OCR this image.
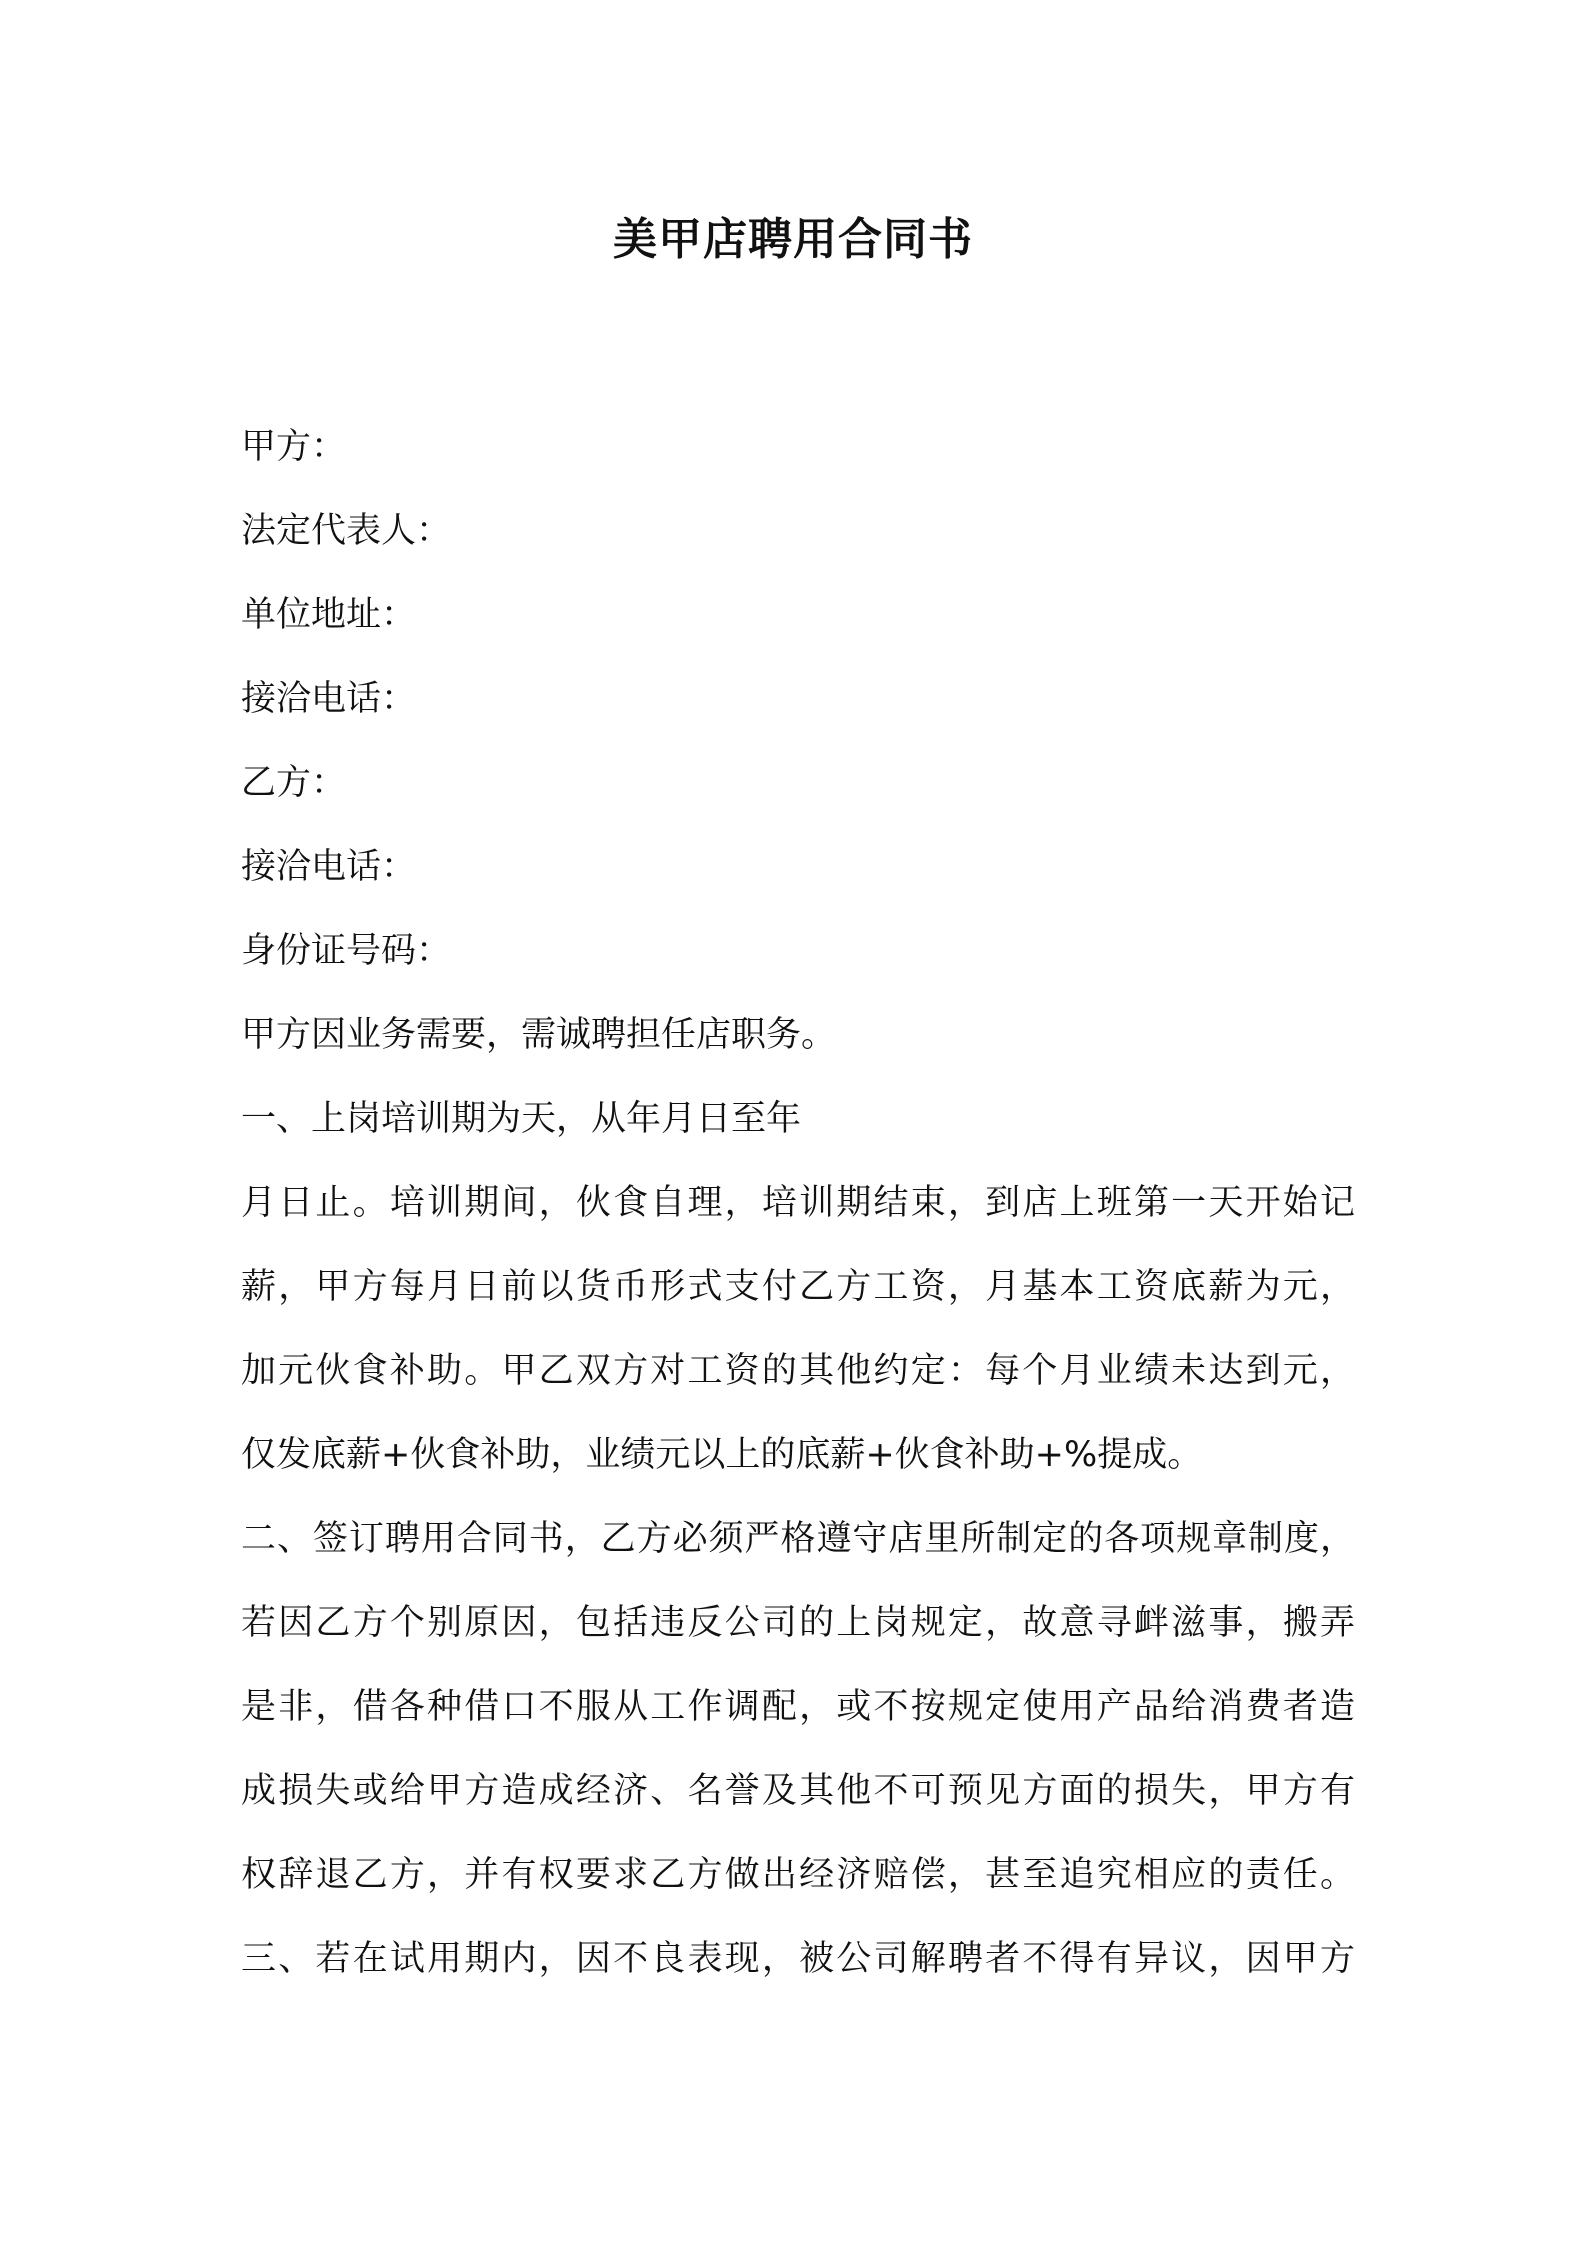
美甲店聘用合同书
甲方：
法定代表人：
单位地址：
接洽电话：
乙方：
接洽电话：
身份证号码：
甲方因业务需要，需诚聘担任店职务。
一、上岗培训期为天，从年月日至年
月日止。培训期间，伙食自理，培训期结束，到店上班第一天开始记
薪，甲方每月日前以货币形式支付乙方工资，月基本工资底薪为元，
加元伙食补助。甲乙双方对工资的其他约定：每个月业绩未达到元，
仅发底薪+伙食补助，业绩元以上的底薪+伙食补助+%提成。
二、签订聘用合同书，乙方必须严格遵守店里所制定的各项规章制度，
若因乙方个别原因，包括违反公司的上岗规定，故意寻衅滋事，搬弄
是非，借各种借口不服从工作调配，或不按规定使用产品给消费者造
成损失或给甲方造成经济、名誉及其他不可预见方面的损失，甲方有
权辞退乙方，并有权要求乙方做出经济赔偿，甚至追究相应的责任。
三、若在试用期内，因不良表现，被公司解聘者不得有异议，因甲方
